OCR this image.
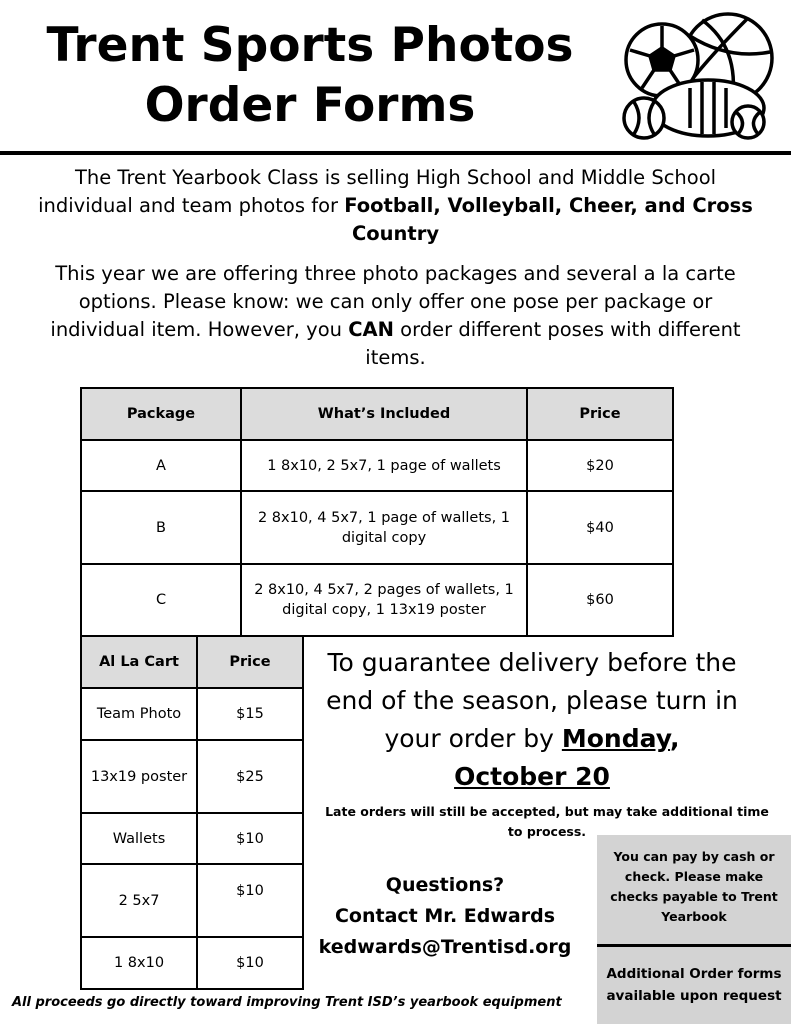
Trent Sports Photos
Order Forms
The Trent Yearbook Class is selling High School and Middle School individual and team photos for Football, Volleyball, Cheer, and Cross Country
This year we are offering three photo packages and several a la carte options. Please know: we can only offer one pose per package or individual item. However, you CAN order different poses with different items.
Package	What’s Included	Price
A	1 8x10, 2 5x7, 1 page of wallets	$20
B	2 8x10, 4 5x7, 1 page of wallets, 1 digital copy	$40
C	2 8x10, 4 5x7, 2 pages of wallets, 1 digital copy, 1 13x19 poster	$60
Al La Cart	Price
Team Photo	$15
13x19 poster	$25
Wallets	$10
2 5x7	$10
1 8x10	$10
To guarantee delivery before the end of the season, please turn in your order by Monday,
October 20
Late orders will still be accepted, but may take additional time to process.
Questions?
Contact Mr. Edwards
kedwards@Trentisd.org
You can pay by cash or check. Please make checks payable to Trent Yearbook
Additional Order forms available upon request
All proceeds go directly toward improving Trent ISD’s yearbook equipment
